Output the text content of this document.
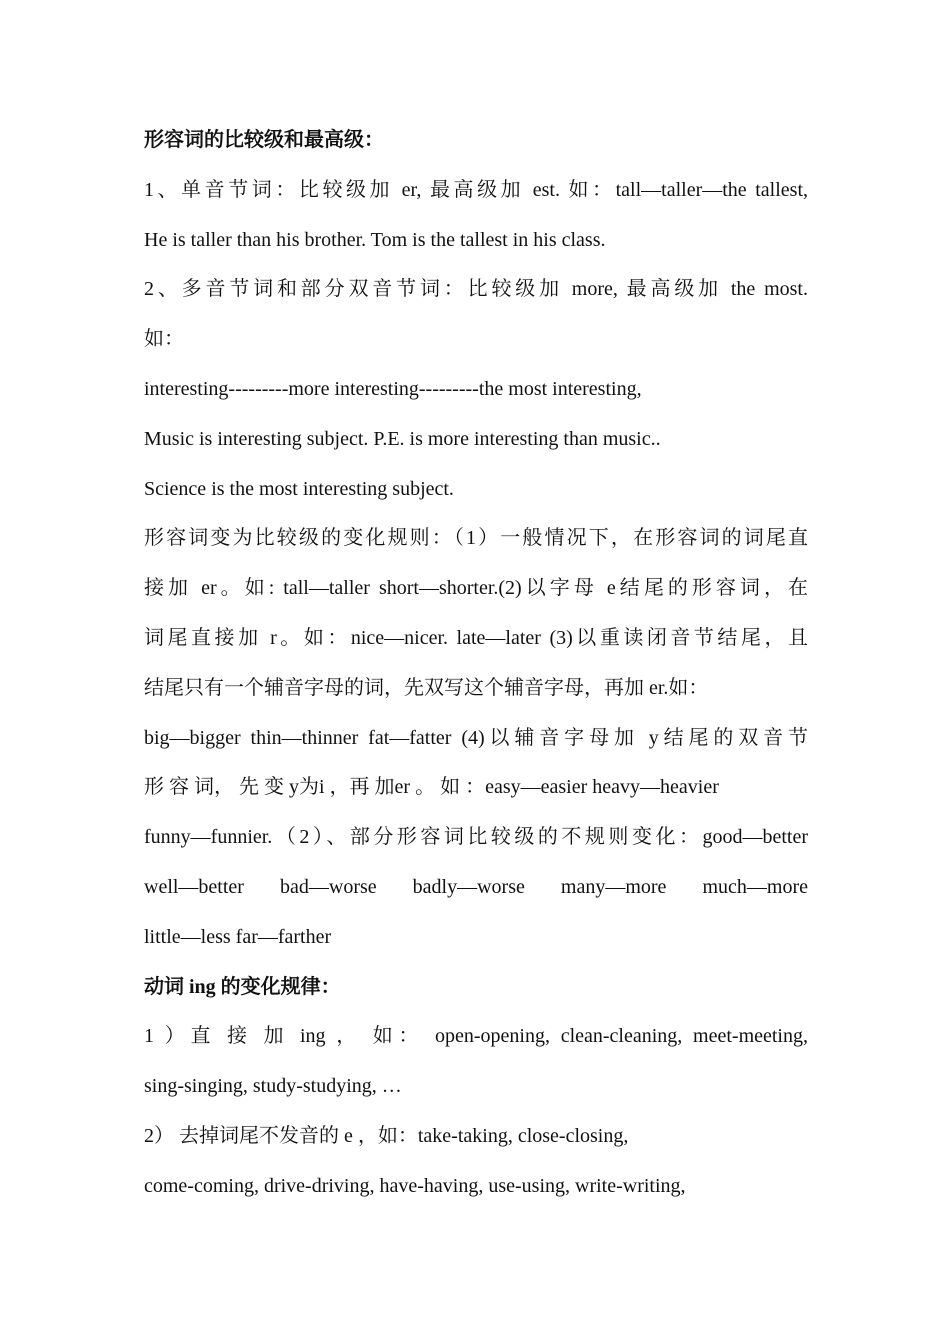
形容词的比较级和最高级：
1、单音节词：比较级加 er, 最高级加 est. 如：tall—taller—the tallest,
He is taller than his brother. Tom is the tallest in his class.
2、多音节词和部分双音节词：比较级加 more, 最高级加 the most.
如：
interesting---------more interesting---------the most interesting,
Music is interesting subject. P.E. is more interesting than music..
Science is the most interesting subject.
形容词变为比较级的变化规则：（1）一般情况下，在形容词的词尾直
接加 er。如: tall—taller short—shorter.(2)以字母 e结尾的形容词，在
词尾直接加 r。如：nice—nicer. late—later (3)以重读闭音节结尾，且
结尾只有一个辅音字母的词，先双写这个辅音字母，再加 er.如：
big—bigger thin—thinner fat—fatter (4)以辅音字母加 y结尾的双音节
形 容 词， 先 变 y为i ，再 加er 。 如 ：easy—easier heavy—heavier
funny—funnier.（2）、部分形容词比较级的不规则变化：good—better
well—better bad—worse badly—worse many—more much—more
little—less far—farther
动词 ing 的变化规律：
1 ）直 接 加 ing ， 如： open-opening, clean-cleaning, meet-meeting,
sing-singing, study-studying, …
2） 去掉词尾不发音的 e ，如：take-taking, close-closing,
come-coming, drive-driving, have-having, use-using, write-writing,
